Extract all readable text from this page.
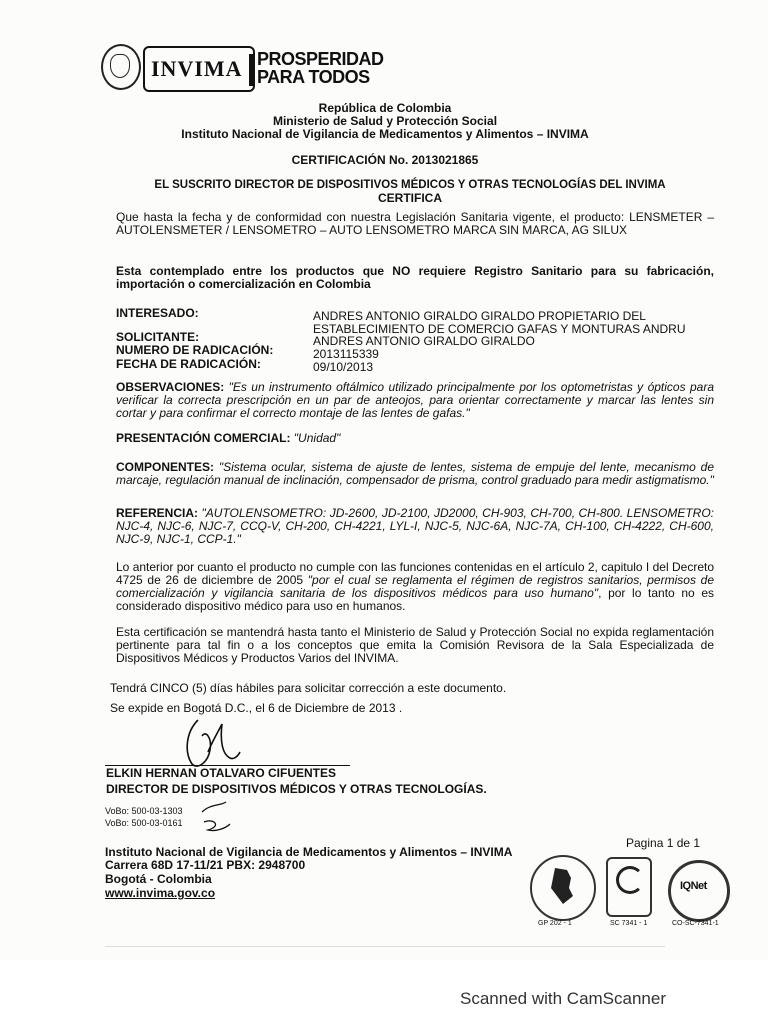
INVIMA PROSPERIDAD
PARA TODOS
República de Colombia
Ministerio de Salud y Protección Social
Instituto Nacional de Vigilancia de Medicamentos y Alimentos – INVIMA
CERTIFICACIÓN No. 2013021865
EL SUSCRITO DIRECTOR DE DISPOSITIVOS MÉDICOS Y OTRAS TECNOLOGÍAS DEL INVIMA
CERTIFICA
Que hasta la fecha y de conformidad con nuestra Legislación Sanitaria vigente, el producto: LENSMETER – AUTOLENSMETER / LENSOMETRO – AUTO LENSOMETRO MARCA SIN MARCA, AG SILUX
Esta contemplado entre los productos que NO requiere Registro Sanitario para su fabricación, importación o comercialización en Colombia
INTERESADO:	ANDRES ANTONIO GIRALDO GIRALDO PROPIETARIO DEL
ESTABLECIMIENTO DE COMERCIO GAFAS Y MONTURAS ANDRU
SOLICITANTE:	ANDRES ANTONIO GIRALDO GIRALDO
NUMERO DE RADICACIÓN:	2013115339
FECHA DE RADICACIÓN:	09/10/2013
OBSERVACIONES: "Es un instrumento oftálmico utilizado principalmente por los optometristas y ópticos para verificar la correcta prescripción en un par de anteojos, para orientar correctamente y marcar las lentes sin cortar y para confirmar el correcto montaje de las lentes de gafas."
PRESENTACIÓN COMERCIAL: "Unidad"
COMPONENTES: "Sistema ocular, sistema de ajuste de lentes, sistema de empuje del lente, mecanismo de marcaje, regulación manual de inclinación, compensador de prisma, control graduado para medir astigmatismo."
REFERENCIA: "AUTOLENSOMETRO: JD-2600, JD-2100, JD2000, CH-903, CH-700, CH-800. LENSOMETRO: NJC-4, NJC-6, NJC-7, CCQ-V, CH-200, CH-4221, LYL-I, NJC-5, NJC-6A, NJC-7A, CH-100, CH-4222, CH-600, NJC-9, NJC-1, CCP-1."
Lo anterior por cuanto el producto no cumple con las funciones contenidas en el artículo 2, capitulo I del Decreto 4725 de 26 de diciembre de 2005 "por el cual se reglamenta el régimen de registros sanitarios, permisos de comercialización y vigilancia sanitaria de los dispositivos médicos para uso humano", por lo tanto no es considerado dispositivo médico para uso en humanos.
Esta certificación se mantendrá hasta tanto el Ministerio de Salud y Protección Social no expida reglamentación pertinente para tal fin o a los conceptos que emita la Comisión Revisora de la Sala Especializada de Dispositivos Médicos y Productos Varios del INVIMA.
Tendrá CINCO (5) días hábiles para solicitar corrección a este documento.
Se expide en Bogotá D.C., el 6 de Diciembre de 2013 .
ELKIN HERNAN OTALVARO CIFUENTES
DIRECTOR DE DISPOSITIVOS MÉDICOS Y OTRAS TECNOLOGÍAS.
VoBo: 500-03-1303
VoBo: 500-03-0161
Pagina 1 de 1
Instituto Nacional de Vigilancia de Medicamentos y Alimentos – INVIMA
Carrera 68D 17-11/21 PBX: 2948700
Bogotá - Colombia
www.invima.gov.co
GP 202 - 1	SC 7341 - 1
IQNet
CO-SC-7341-1
Scanned with CamScanner
